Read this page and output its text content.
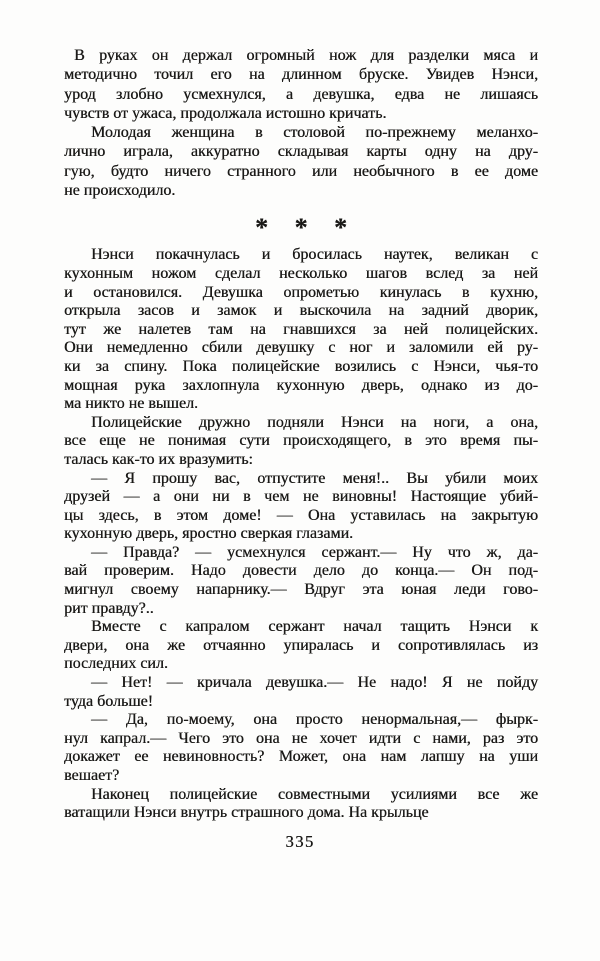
В руках он держал огромный нож для разделки мяса и
методично точил его на длинном бруске. Увидев Нэнси,
урод злобно усмехнулся, а девушка, едва не лишаясь
чувств от ужаса, продолжала истошно кричать.
Молодая женщина в столовой по-прежнему меланхо-
лично играла, аккуратно складывая карты одну на дру-
гую, будто ничего странного или необычного в ее доме
не происходило.
* * *
Нэнси покачнулась и бросилась наутек, великан с
кухонным ножом сделал несколько шагов вслед за ней
и остановился. Девушка опрометью кинулась в кухню,
открыла засов и замок и выскочила на задний дворик,
тут же налетев там на гнавшихся за ней полицейских.
Они немедленно сбили девушку с ног и заломили ей ру-
ки за спину. Пока полицейские возились с Нэнси, чья-то
мощная рука захлопнула кухонную дверь, однако из до-
ма никто не вышел.
Полицейские дружно подняли Нэнси на ноги, а она,
все еще не понимая сути происходящего, в это время пы-
талась как-то их вразумить:
— Я прошу вас, отпустите меня!.. Вы убили моих
друзей — а они ни в чем не виновны! Настоящие убий-
цы здесь, в этом доме! — Она уставилась на закрытую
кухонную дверь, яростно сверкая глазами.
— Правда? — усмехнулся сержант.— Ну что ж, да-
вай проверим. Надо довести дело до конца.— Он под-
мигнул своему напарнику.— Вдруг эта юная леди гово-
рит правду?..
Вместе с капралом сержант начал тащить Нэнси к
двери, она же отчаянно упиралась и сопротивлялась из
последних сил.
— Нет! — кричала девушка.— Не надо! Я не пойду
туда больше!
— Да, по-моему, она просто ненормальная,— фырк-
нул капрал.— Чего это она не хочет идти с нами, раз это
докажет ее невиновность? Может, она нам лапшу на уши
вешает?
Наконец полицейские совместными усилиями все же
ватащили Нэнси внутрь страшного дома. На крыльце
335
